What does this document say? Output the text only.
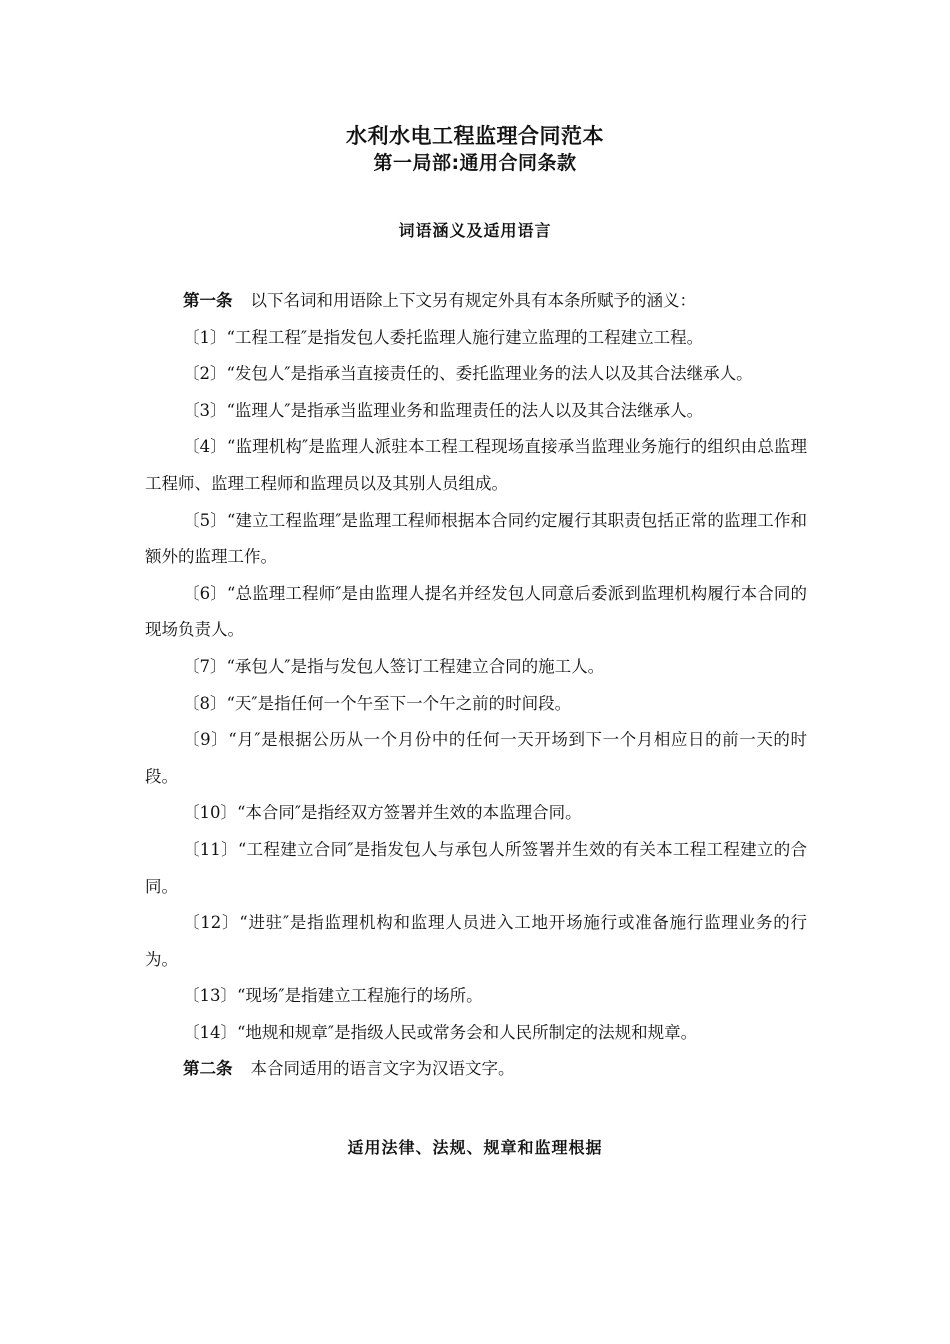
水利水电工程监理合同范本
第一局部:通用合同条款
词语涵义及适用语言

第一条 以下名词和用语除上下文另有规定外具有本条所赋予的涵义：

〔1〕“工程工程″是指发包人委托监理人施行建立监理的工程建立工程。

〔2〕“发包人″是指承当直接责任的、委托监理业务的法人以及其合法继承人。

〔3〕“监理人″是指承当监理业务和监理责任的法人以及其合法继承人。

〔4〕“监理机构″是监理人派驻本工程工程现场直接承当监理业务施行的组织由总监理工程师、监理工程师和监理员以及其别人员组成。

〔5〕“建立工程监理″是监理工程师根据本合同约定履行其职责包括正常的监理工作和额外的监理工作。

〔6〕“总监理工程师″是由监理人提名并经发包人同意后委派到监理机构履行本合同的现场负责人。

〔7〕“承包人″是指与发包人签订工程建立合同的施工人。

〔8〕“天″是指任何一个午至下一个午之前的时间段。

〔9〕“月″是根据公历从一个月份中的任何一天开场到下一个月相应日的前一天的时段。

〔10〕“本合同″是指经双方签署并生效的本监理合同。

〔11〕“工程建立合同″是指发包人与承包人所签署并生效的有关本工程工程建立的合同。

〔12〕“进驻″是指监理机构和监理人员进入工地开场施行或准备施行监理业务的行为。

〔13〕“现场″是指建立工程施行的场所。

〔14〕“地规和规章″是指级人民或常务会和人民所制定的法规和规章。

第二条 本合同适用的语言文字为汉语文字。

适用法律、法规、规章和监理根据
